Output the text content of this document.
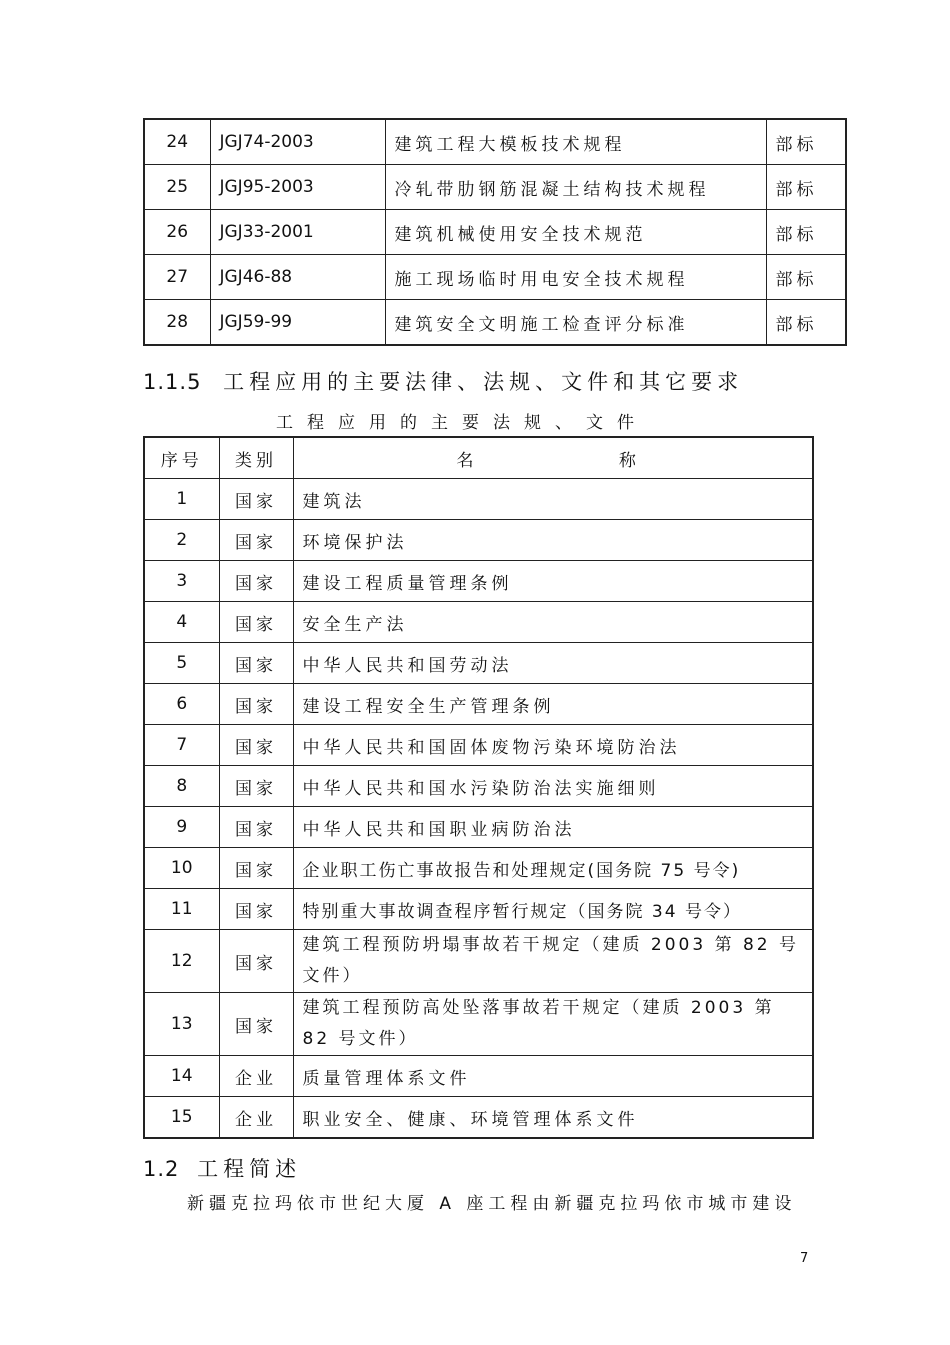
24	JGJ74-2003	建筑工程大模板技术规程	部标
25	JGJ95-2003	冷轧带肋钢筋混凝土结构技术规程	部标
26	JGJ33-2001	建筑机械使用安全技术规范	部标
27	JGJ46-88	施工现场临时用电安全技术规程	部标
28	JGJ59-99	建筑安全文明施工检查评分标准	部标
1.1.5 工程应用的主要法律、法规、文件和其它要求
工程应用的主要法规、文件
序号	类别	名 称
1	国家	建筑法
2	国家	环境保护法
3	国家	建设工程质量管理条例
4	国家	安全生产法
5	国家	中华人民共和国劳动法
6	国家	建设工程安全生产管理条例
7	国家	中华人民共和国固体废物污染环境防治法
8	国家	中华人民共和国水污染防治法实施细则
9	国家	中华人民共和国职业病防治法
10	国家	企业职工伤亡事故报告和处理规定(国务院 75 号令)
11	国家	特别重大事故调查程序暂行规定（国务院 34 号令）
12	国家	建筑工程预防坍塌事故若干规定（建质 2003 第 82 号文件）
13	国家	建筑工程预防高处坠落事故若干规定（建质 2003 第 82 号文件）
14	企业	质量管理体系文件
15	企业	职业安全、健康、环境管理体系文件
1.2 工程简述
新疆克拉玛依市世纪大厦 A 座工程由新疆克拉玛依市城市建设
7
